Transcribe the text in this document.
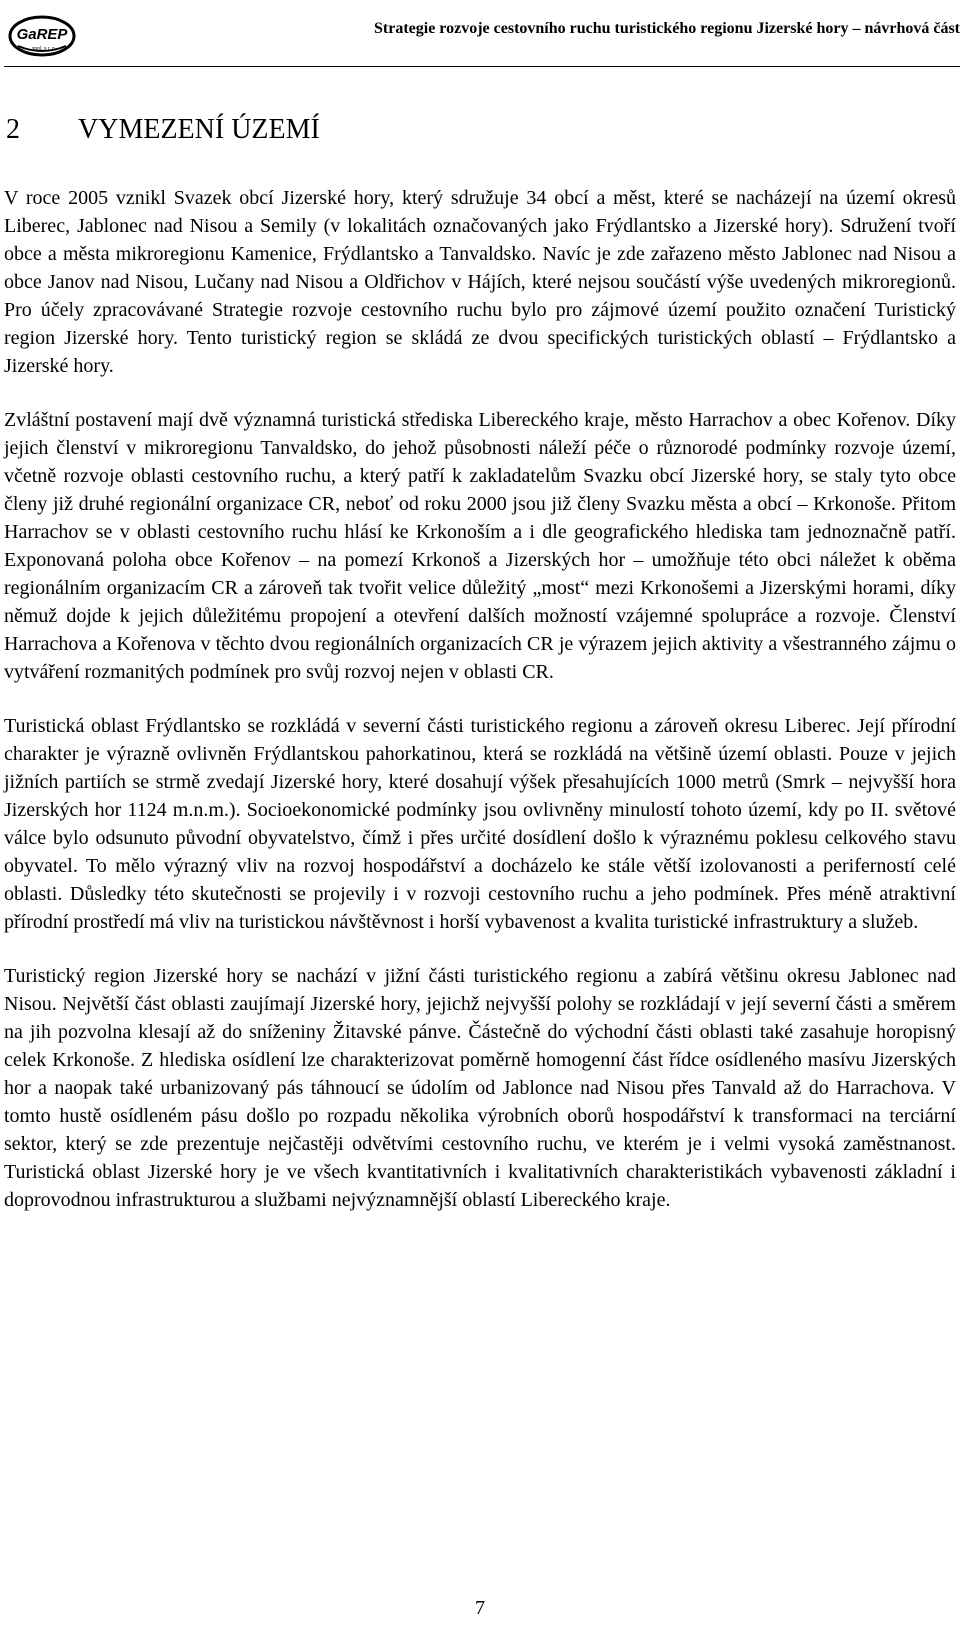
GaREP
spol. s r. o.
Strategie rozvoje cestovního ruchu turistického regionu Jizerské hory – návrhová část
2 VYMEZENÍ ÚZEMÍ

V roce 2005 vznikl Svazek obcí Jizerské hory, který sdružuje 34 obcí a měst, které se nacházejí na území okresů Liberec, Jablonec nad Nisou a Semily (v lokalitách označovaných jako Frýdlantsko a Jizerské hory). Sdružení tvoří obce a města mikroregionu Kamenice, Frýdlantsko a Tanvaldsko. Navíc je zde zařazeno město Jablonec nad Nisou a obce Janov nad Nisou, Lučany nad Nisou a Oldřichov v Hájích, které nejsou součástí výše uvedených mikroregionů. Pro účely zpracovávané Strategie rozvoje cestovního ruchu bylo pro zájmové území použito označení Turistický region Jizerské hory. Tento turistický region se skládá ze dvou specifických turistických oblastí – Frýdlantsko a Jizerské hory.

Zvláštní postavení mají dvě významná turistická střediska Libereckého kraje, město Harrachov a obec Kořenov. Díky jejich členství v mikroregionu Tanvaldsko, do jehož působnosti náleží péče o různorodé podmínky rozvoje území, včetně rozvoje oblasti cestovního ruchu, a který patří k zakladatelům Svazku obcí Jizerské hory, se staly tyto obce členy již druhé regionální organizace CR, neboť od roku 2000 jsou již členy Svazku města a obcí – Krkonoše. Přitom Harrachov se v oblasti cestovního ruchu hlásí ke Krkonoším a i dle geografického hlediska tam jednoznačně patří. Exponovaná poloha obce Kořenov – na pomezí Krkonoš a Jizerských hor – umožňuje této obci náležet k oběma regionálním organizacím CR a zároveň tak tvořit velice důležitý „most“ mezi Krkonošemi a Jizerskými horami, díky němuž dojde k jejich důležitému propojení a otevření dalších možností vzájemné spolupráce a rozvoje. Členství Harrachova a Kořenova v těchto dvou regionálních organizacích CR je výrazem jejich aktivity a všestranného zájmu o vytváření rozmanitých podmínek pro svůj rozvoj nejen v oblasti CR.

Turistická oblast Frýdlantsko se rozkládá v severní části turistického regionu a zároveň okresu Liberec. Její přírodní charakter je výrazně ovlivněn Frýdlantskou pahorkatinou, která se rozkládá na většině území oblasti. Pouze v jejich jižních partiích se strmě zvedají Jizerské hory, které dosahují výšek přesahujících 1000 metrů (Smrk – nejvyšší hora Jizerských hor 1124 m.n.m.). Socioekonomické podmínky jsou ovlivněny minulostí tohoto území, kdy po II. světové válce bylo odsunuto původní obyvatelstvo, čímž i přes určité dosídlení došlo k výraznému poklesu celkového stavu obyvatel. To mělo výrazný vliv na rozvoj hospodářství a docházelo ke stále větší izolovanosti a periferností celé oblasti. Důsledky této skutečnosti se projevily i v rozvoji cestovního ruchu a jeho podmínek. Přes méně atraktivní přírodní prostředí má vliv na turistickou návštěvnost i horší vybavenost a kvalita turistické infrastruktury a služeb.

Turistický region Jizerské hory se nachází v jižní části turistického regionu a zabírá většinu okresu Jablonec nad Nisou. Největší část oblasti zaujímají Jizerské hory, jejichž nejvyšší polohy se rozkládají v její severní části a směrem na jih pozvolna klesají až do sníženiny Žitavské pánve. Částečně do východní části oblasti také zasahuje horopisný celek Krkonoše. Z hlediska osídlení lze charakterizovat poměrně homogenní část řídce osídleného masívu Jizerských hor a naopak také urbanizovaný pás táhnoucí se údolím od Jablonce nad Nisou přes Tanvald až do Harrachova. V tomto hustě osídleném pásu došlo po rozpadu několika výrobních oborů hospodářství k transformaci na terciární sektor, který se zde prezentuje nejčastěji odvětvími cestovního ruchu, ve kterém je i velmi vysoká zaměstnanost. Turistická oblast Jizerské hory je ve všech kvantitativních i kvalitativních charakteristikách vybavenosti základní i doprovodnou infrastrukturou a službami nejvýznamnější oblastí Libereckého kraje.

7
